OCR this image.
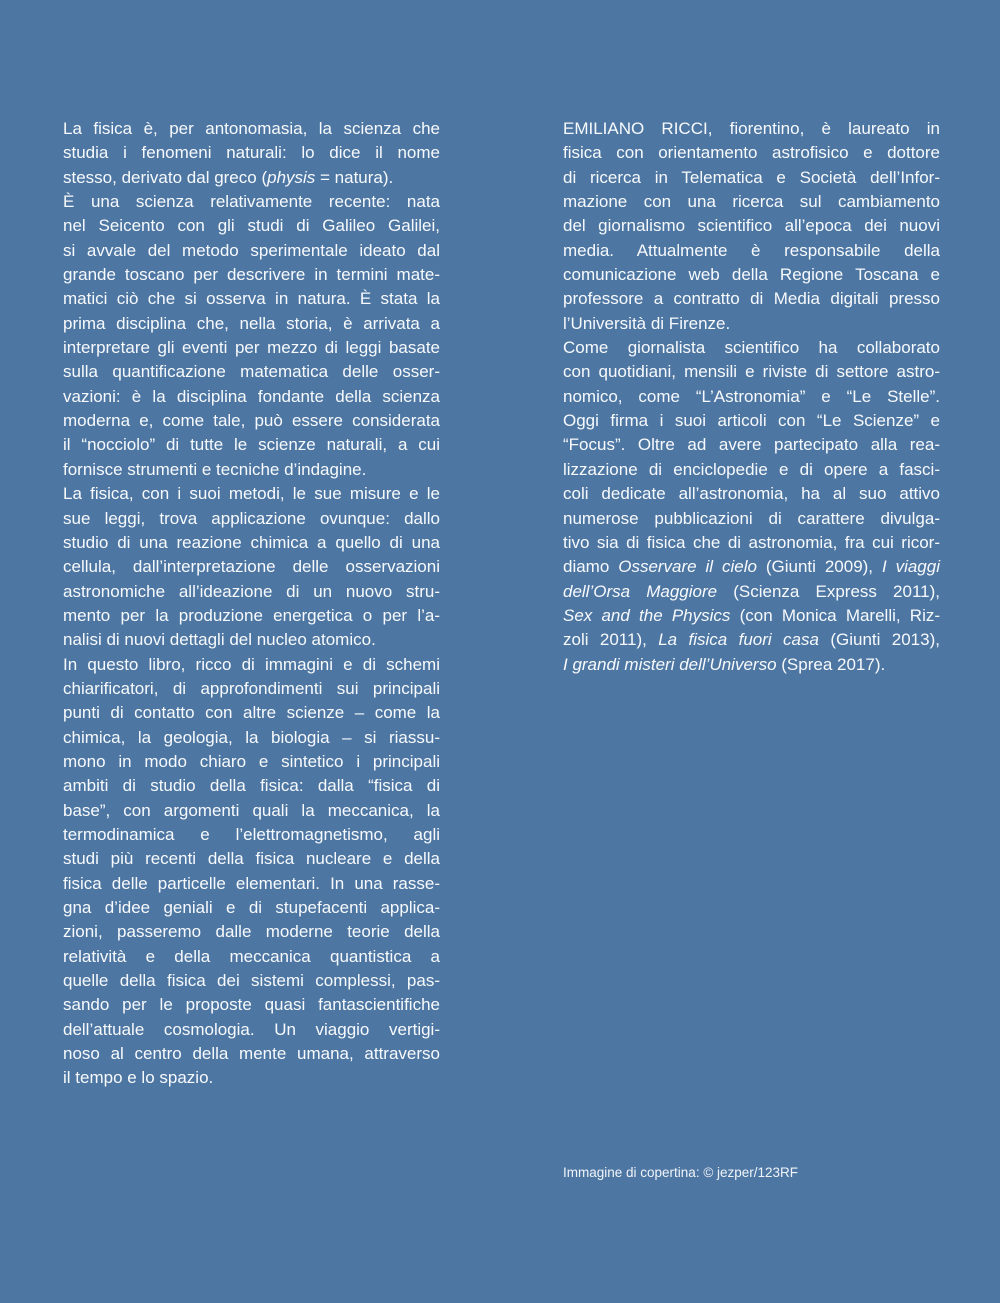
La fisica è, per antonomasia, la scienza che
studia i fenomeni naturali: lo dice il nome
stesso, derivato dal greco (physis = natura).
È una scienza relativamente recente: nata
nel Seicento con gli studi di Galileo Galilei,
si avvale del metodo sperimentale ideato dal
grande toscano per descrivere in termini mate-
matici ciò che si osserva in natura. È stata la
prima disciplina che, nella storia, è arrivata a
interpretare gli eventi per mezzo di leggi basate
sulla quantificazione matematica delle osser-
vazioni: è la disciplina fondante della scienza
moderna e, come tale, può essere considerata
il “nocciolo” di tutte le scienze naturali, a cui
fornisce strumenti e tecniche d’indagine.
La fisica, con i suoi metodi, le sue misure e le
sue leggi, trova applicazione ovunque: dallo
studio di una reazione chimica a quello di una
cellula, dall’interpretazione delle osservazioni
astronomiche all’ideazione di un nuovo stru-
mento per la produzione energetica o per l’a-
nalisi di nuovi dettagli del nucleo atomico.
In questo libro, ricco di immagini e di schemi
chiarificatori, di approfondimenti sui principali
punti di contatto con altre scienze – come la
chimica, la geologia, la biologia – si riassu-
mono in modo chiaro e sintetico i principali
ambiti di studio della fisica: dalla “fisica di
base”, con argomenti quali la meccanica, la
termodinamica e l’elettromagnetismo, agli
studi più recenti della fisica nucleare e della
fisica delle particelle elementari. In una rasse-
gna d’idee geniali e di stupefacenti applica-
zioni, passeremo dalle moderne teorie della
relatività e della meccanica quantistica a
quelle della fisica dei sistemi complessi, pas-
sando per le proposte quasi fantascientifiche
dell’attuale cosmologia. Un viaggio vertigi-
noso al centro della mente umana, attraverso
il tempo e lo spazio.
EMILIANO RICCI, fiorentino, è laureato in
fisica con orientamento astrofisico e dottore
di ricerca in Telematica e Società dell’Infor-
mazione con una ricerca sul cambiamento
del giornalismo scientifico all’epoca dei nuovi
media. Attualmente è responsabile della
comunicazione web della Regione Toscana e
professore a contratto di Media digitali presso
l’Università di Firenze.
Come giornalista scientifico ha collaborato
con quotidiani, mensili e riviste di settore astro-
nomico, come “L’Astronomia” e “Le Stelle”.
Oggi firma i suoi articoli con “Le Scienze” e
“Focus”. Oltre ad avere partecipato alla rea-
lizzazione di enciclopedie e di opere a fasci-
coli dedicate all’astronomia, ha al suo attivo
numerose pubblicazioni di carattere divulga-
tivo sia di fisica che di astronomia, fra cui ricor-
diamo Osservare il cielo (Giunti 2009), I viaggi
dell’Orsa Maggiore (Scienza Express 2011),
Sex and the Physics (con Monica Marelli, Riz-
zoli 2011), La fisica fuori casa (Giunti 2013),
I grandi misteri dell’Universo (Sprea 2017).
Immagine di copertina: © jezper/123RF
